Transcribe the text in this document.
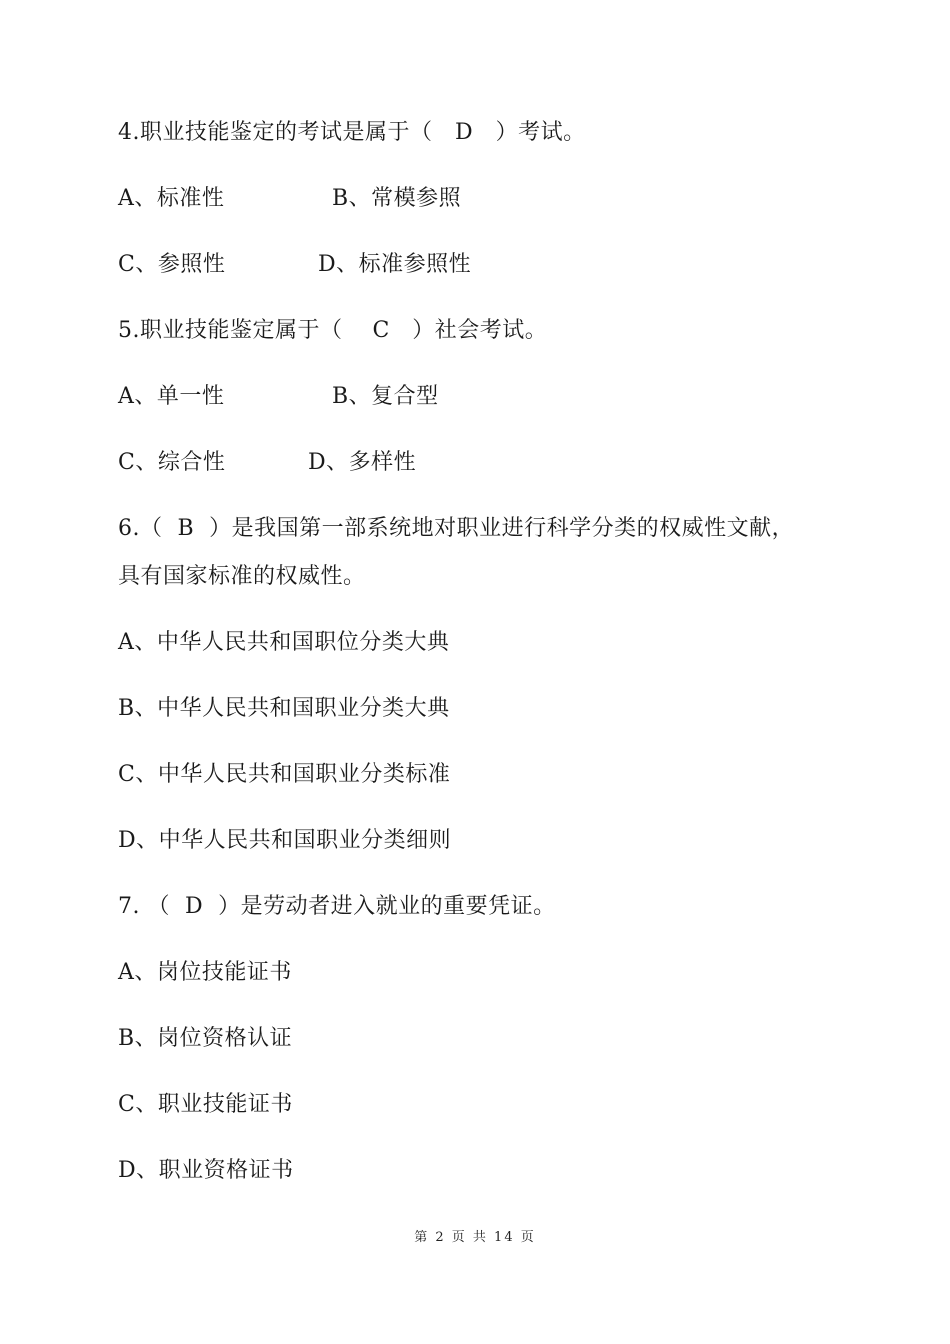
4.职业技能鉴定的考试是属于（   D   ）考试。

A、标准性

	B、常模参照

C、参照性

	D、标准参照性

5.职业技能鉴定属于（    C   ）社会考试。

A、单一性

	B、复合型

C、综合性

	D、多样性

6.（  B  ）是我国第一部系统地对职业进行科学分类的权威性文献，
具有国家标准的权威性。
A、中华人民共和国职位分类大典
B、中华人民共和国职业分类大典
C、中华人民共和国职业分类标准
D、中华人民共和国职业分类细则
7. （  D  ）是劳动者进入就业的重要凭证。
A、岗位技能证书
B、岗位资格认证
C、职业技能证书
D、职业资格证书
第 2 页 共 14 页
